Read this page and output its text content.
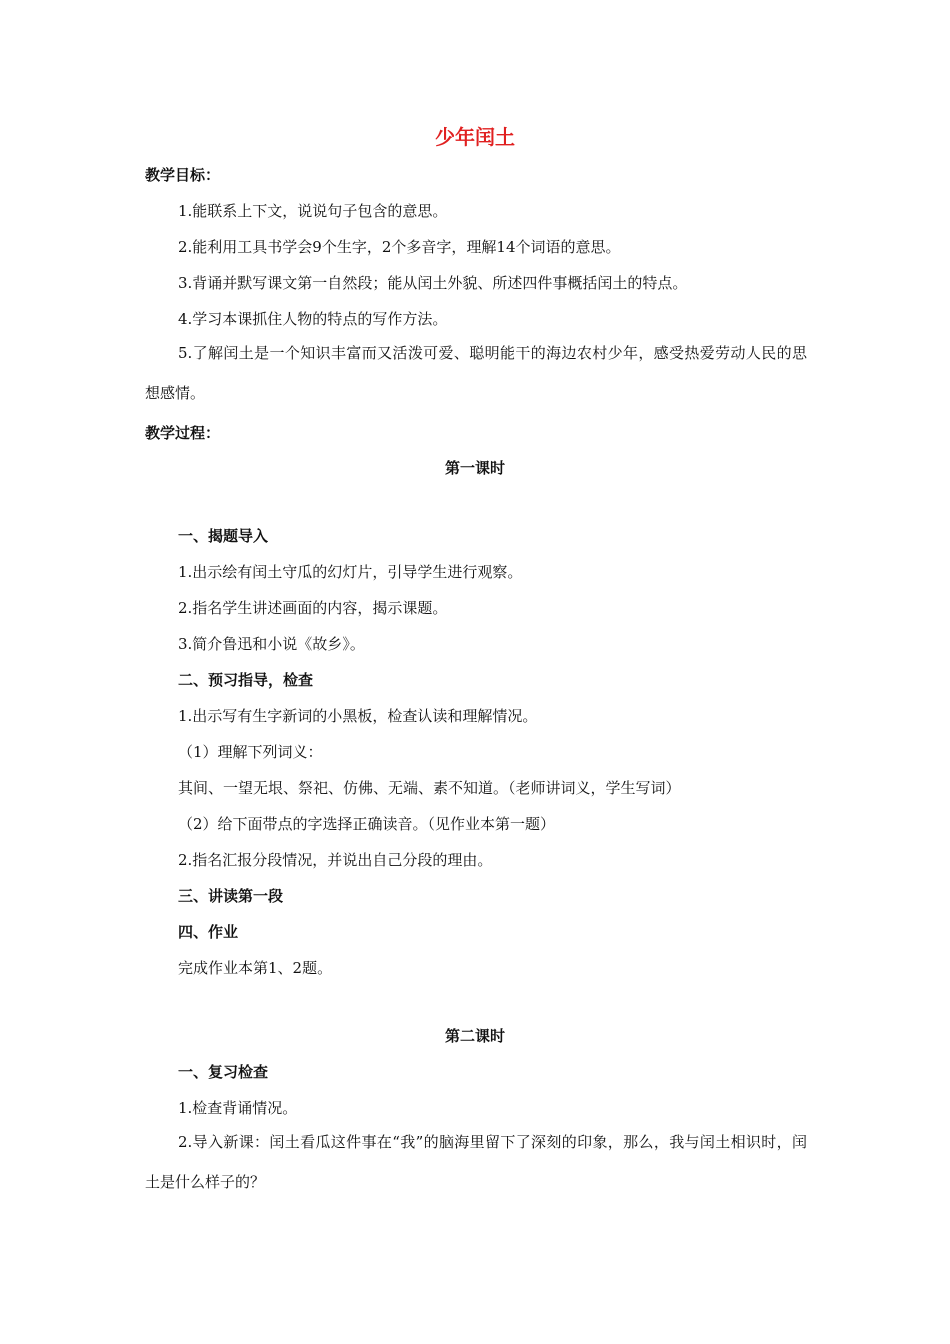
少年闰土
教学目标：
1.能联系上下文，说说句子包含的意思。
2.能利用工具书学会9个生字，2个多音字，理解14个词语的意思。
3.背诵并默写课文第一自然段；能从闰土外貌、所述四件事概括闰土的特点。
4.学习本课抓住人物的特点的写作方法。
5.了解闰土是一个知识丰富而又活泼可爱、聪明能干的海边农村少年，感受热爱劳动人民的思想感情。
教学过程：
第一课时
一、揭题导入
1.出示绘有闰土守瓜的幻灯片，引导学生进行观察。
2.指名学生讲述画面的内容，揭示课题。
3.简介鲁迅和小说《故乡》。
二、预习指导，检查
1.出示写有生字新词的小黑板，检查认读和理解情况。
（1）理解下列词义：
其间、一望无垠、祭祀、仿佛、无端、素不知道。（老师讲词义，学生写词）
（2）给下面带点的字选择正确读音。（见作业本第一题）
2.指名汇报分段情况，并说出自己分段的理由。
三、讲读第一段
四、作业
完成作业本第1、2题。
第二课时
一、复习检查
1.检查背诵情况。
2.导入新课：闰土看瓜这件事在“我”的脑海里留下了深刻的印象，那么，我与闰土相识时，闰土是什么样子的？
